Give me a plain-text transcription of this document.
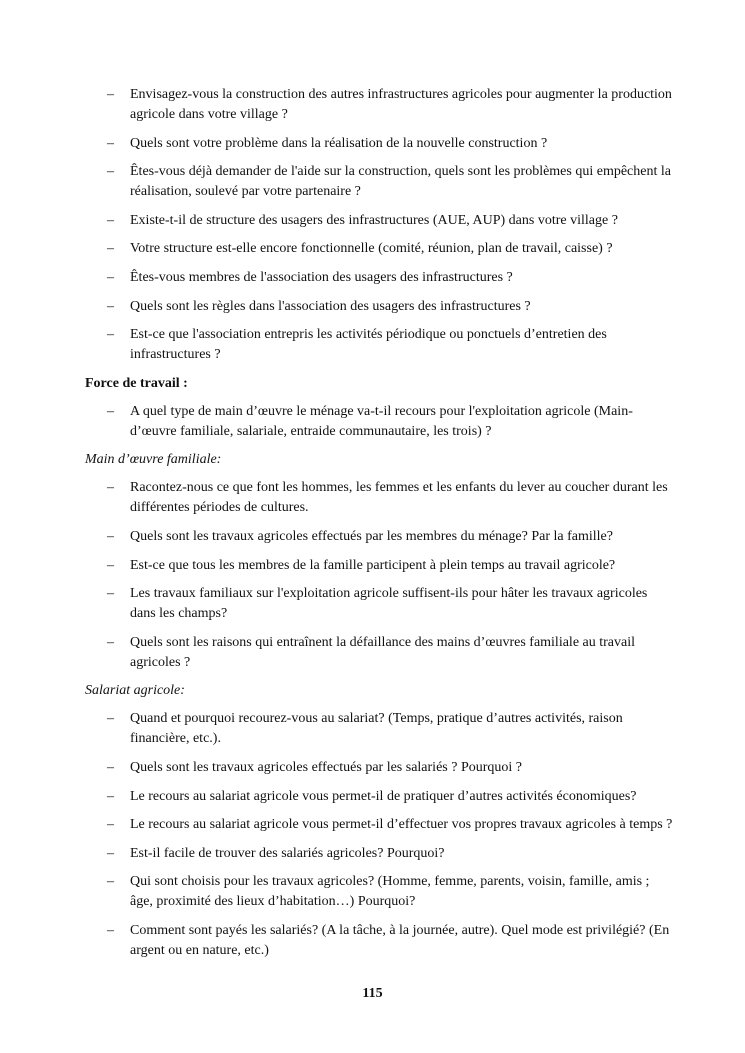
– Envisagez-vous la construction des autres infrastructures agricoles pour augmenter la production agricole dans votre village ?
– Quels sont votre problème dans la réalisation de la nouvelle construction ?
– Êtes-vous déjà demander de l'aide sur la construction, quels sont les problèmes qui empêchent la réalisation, soulevé par votre partenaire ?
– Existe-t-il de structure des usagers des infrastructures (AUE, AUP) dans votre village ?
– Votre structure est-elle encore fonctionnelle (comité, réunion, plan de travail, caisse) ?
– Êtes-vous membres de l'association des usagers des infrastructures ?
– Quels sont les règles dans l'association des usagers des infrastructures ?
– Est-ce que l'association entrepris les activités périodique ou ponctuels d’entretien des infrastructures ?
Force de travail :
– A quel type de main d’œuvre le ménage va-t-il recours pour l'exploitation agricole (Main-d’œuvre familiale, salariale, entraide communautaire, les trois) ?
Main d’œuvre familiale:
– Racontez-nous ce que font les hommes, les femmes et les enfants du lever au coucher durant les différentes périodes de cultures.
– Quels sont les travaux agricoles effectués par les membres du ménage? Par la famille?
– Est-ce que tous les membres de la famille participent à plein temps au travail agricole?
– Les travaux familiaux sur l'exploitation agricole suffisent-ils pour hâter les travaux agricoles dans les champs?
– Quels sont les raisons qui entraînent la défaillance des mains d’œuvres familiale au travail agricoles ?
Salariat agricole:
– Quand et pourquoi recourez-vous au salariat? (Temps, pratique d’autres activités, raison financière, etc.).
– Quels sont les travaux agricoles effectués par les salariés ? Pourquoi ?
– Le recours au salariat agricole vous permet-il de pratiquer d’autres activités économiques?
– Le recours au salariat agricole vous permet-il d’effectuer vos propres travaux agricoles à temps ?
– Est-il facile de trouver des salariés agricoles? Pourquoi?
– Qui sont choisis pour les travaux agricoles? (Homme, femme, parents, voisin, famille, amis ; âge, proximité des lieux d’habitation…) Pourquoi?
– Comment sont payés les salariés? (A la tâche, à la journée, autre). Quel mode est privilégié? (En argent ou en nature, etc.)
115
